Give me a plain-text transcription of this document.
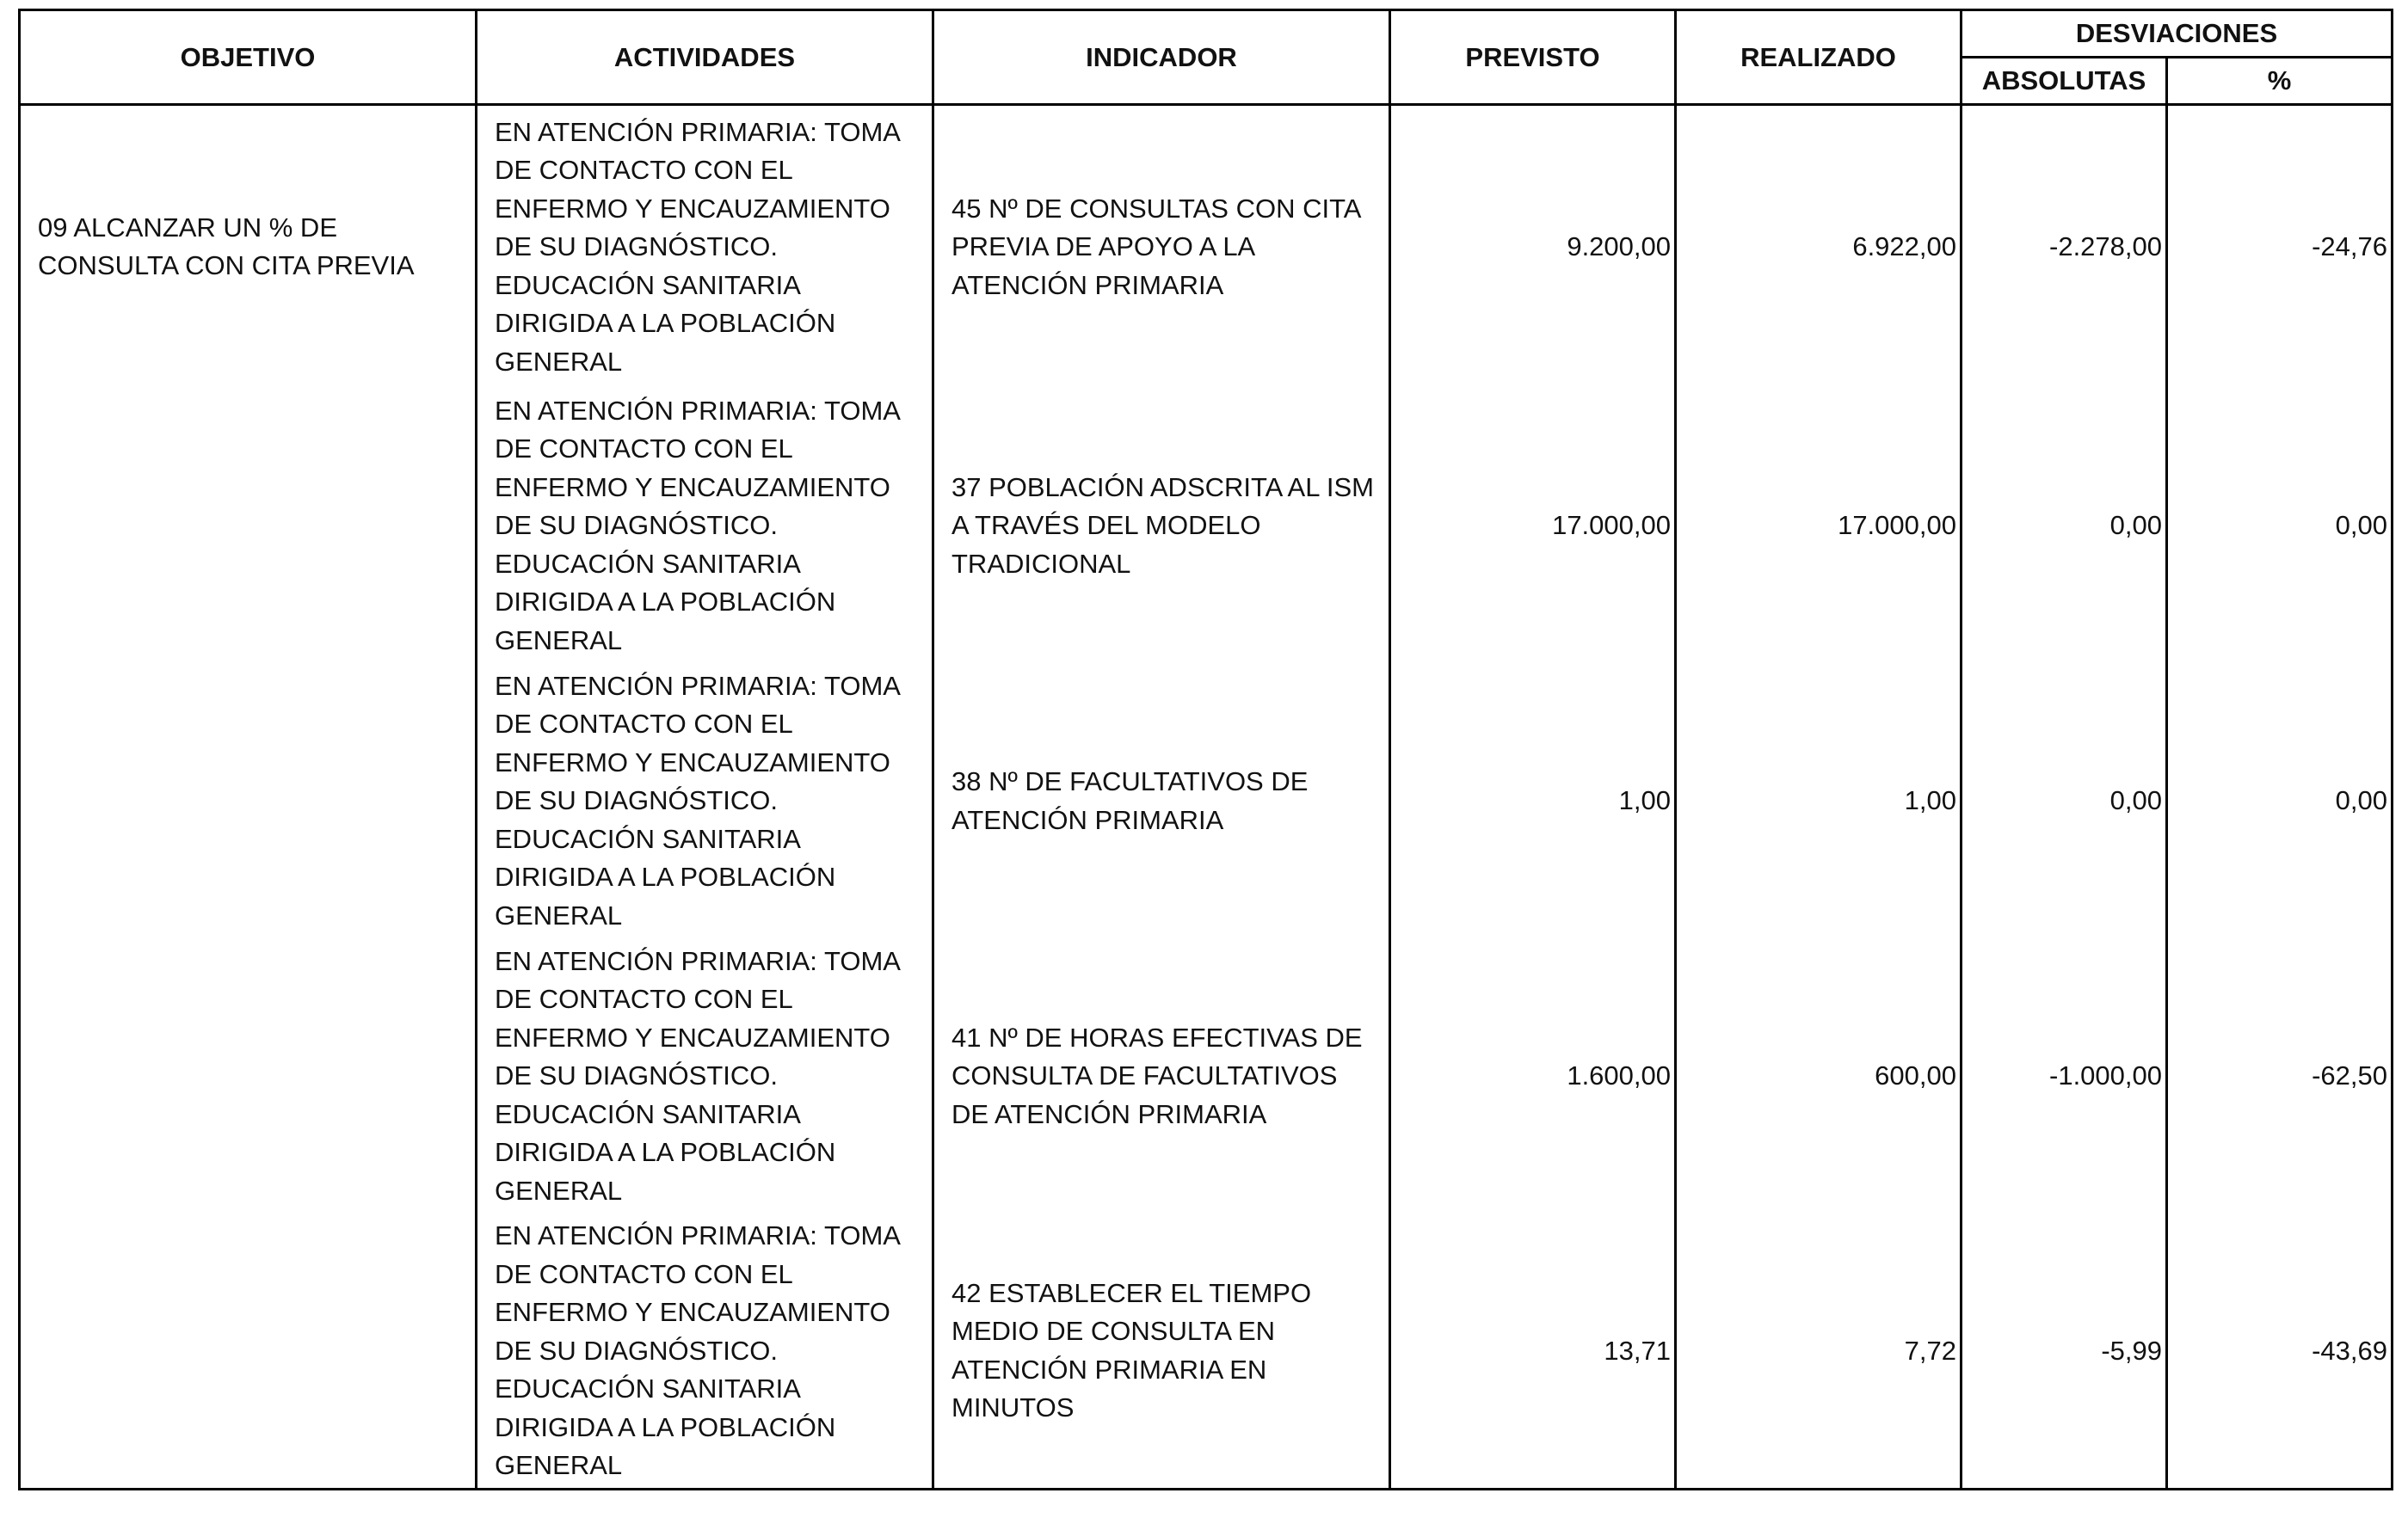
OBJETIVO	ACTIVIDADES	INDICADOR	PREVISTO	REALIZADO	DESVIACIONES	
					ABSOLUTAS	%
09 ALCANZAR UN % DE CONSULTA CON CITA PREVIA	EN ATENCIÓN PRIMARIA: TOMA DE CONTACTO CON EL ENFERMO Y ENCAUZAMIENTO DE SU DIAGNÓSTICO. EDUCACIÓN SANITARIA DIRIGIDA A LA POBLACIÓN GENERAL	45 Nº DE CONSULTAS CON CITA PREVIA DE APOYO A LA ATENCIÓN PRIMARIA	9.200,00	6.922,00	-2.278,00	-24,76
	EN ATENCIÓN PRIMARIA: TOMA DE CONTACTO CON EL ENFERMO Y ENCAUZAMIENTO DE SU DIAGNÓSTICO. EDUCACIÓN SANITARIA DIRIGIDA A LA POBLACIÓN GENERAL	37 POBLACIÓN ADSCRITA AL ISM A TRAVÉS DEL MODELO TRADICIONAL	17.000,00	17.000,00	0,00	0,00
	EN ATENCIÓN PRIMARIA: TOMA DE CONTACTO CON EL ENFERMO Y ENCAUZAMIENTO DE SU DIAGNÓSTICO. EDUCACIÓN SANITARIA DIRIGIDA A LA POBLACIÓN GENERAL	38 Nº DE FACULTATIVOS DE ATENCIÓN PRIMARIA	1,00	1,00	0,00	0,00
	EN ATENCIÓN PRIMARIA: TOMA DE CONTACTO CON EL ENFERMO Y ENCAUZAMIENTO DE SU DIAGNÓSTICO. EDUCACIÓN SANITARIA DIRIGIDA A LA POBLACIÓN GENERAL	41 Nº DE HORAS EFECTIVAS DE CONSULTA DE FACULTATIVOS DE ATENCIÓN PRIMARIA	1.600,00	600,00	-1.000,00	-62,50
	EN ATENCIÓN PRIMARIA: TOMA DE CONTACTO CON EL ENFERMO Y ENCAUZAMIENTO DE SU DIAGNÓSTICO. EDUCACIÓN SANITARIA DIRIGIDA A LA POBLACIÓN GENERAL	42 ESTABLECER EL TIEMPO MEDIO DE CONSULTA EN ATENCIÓN PRIMARIA EN MINUTOS	13,71	7,72	-5,99	-43,69
